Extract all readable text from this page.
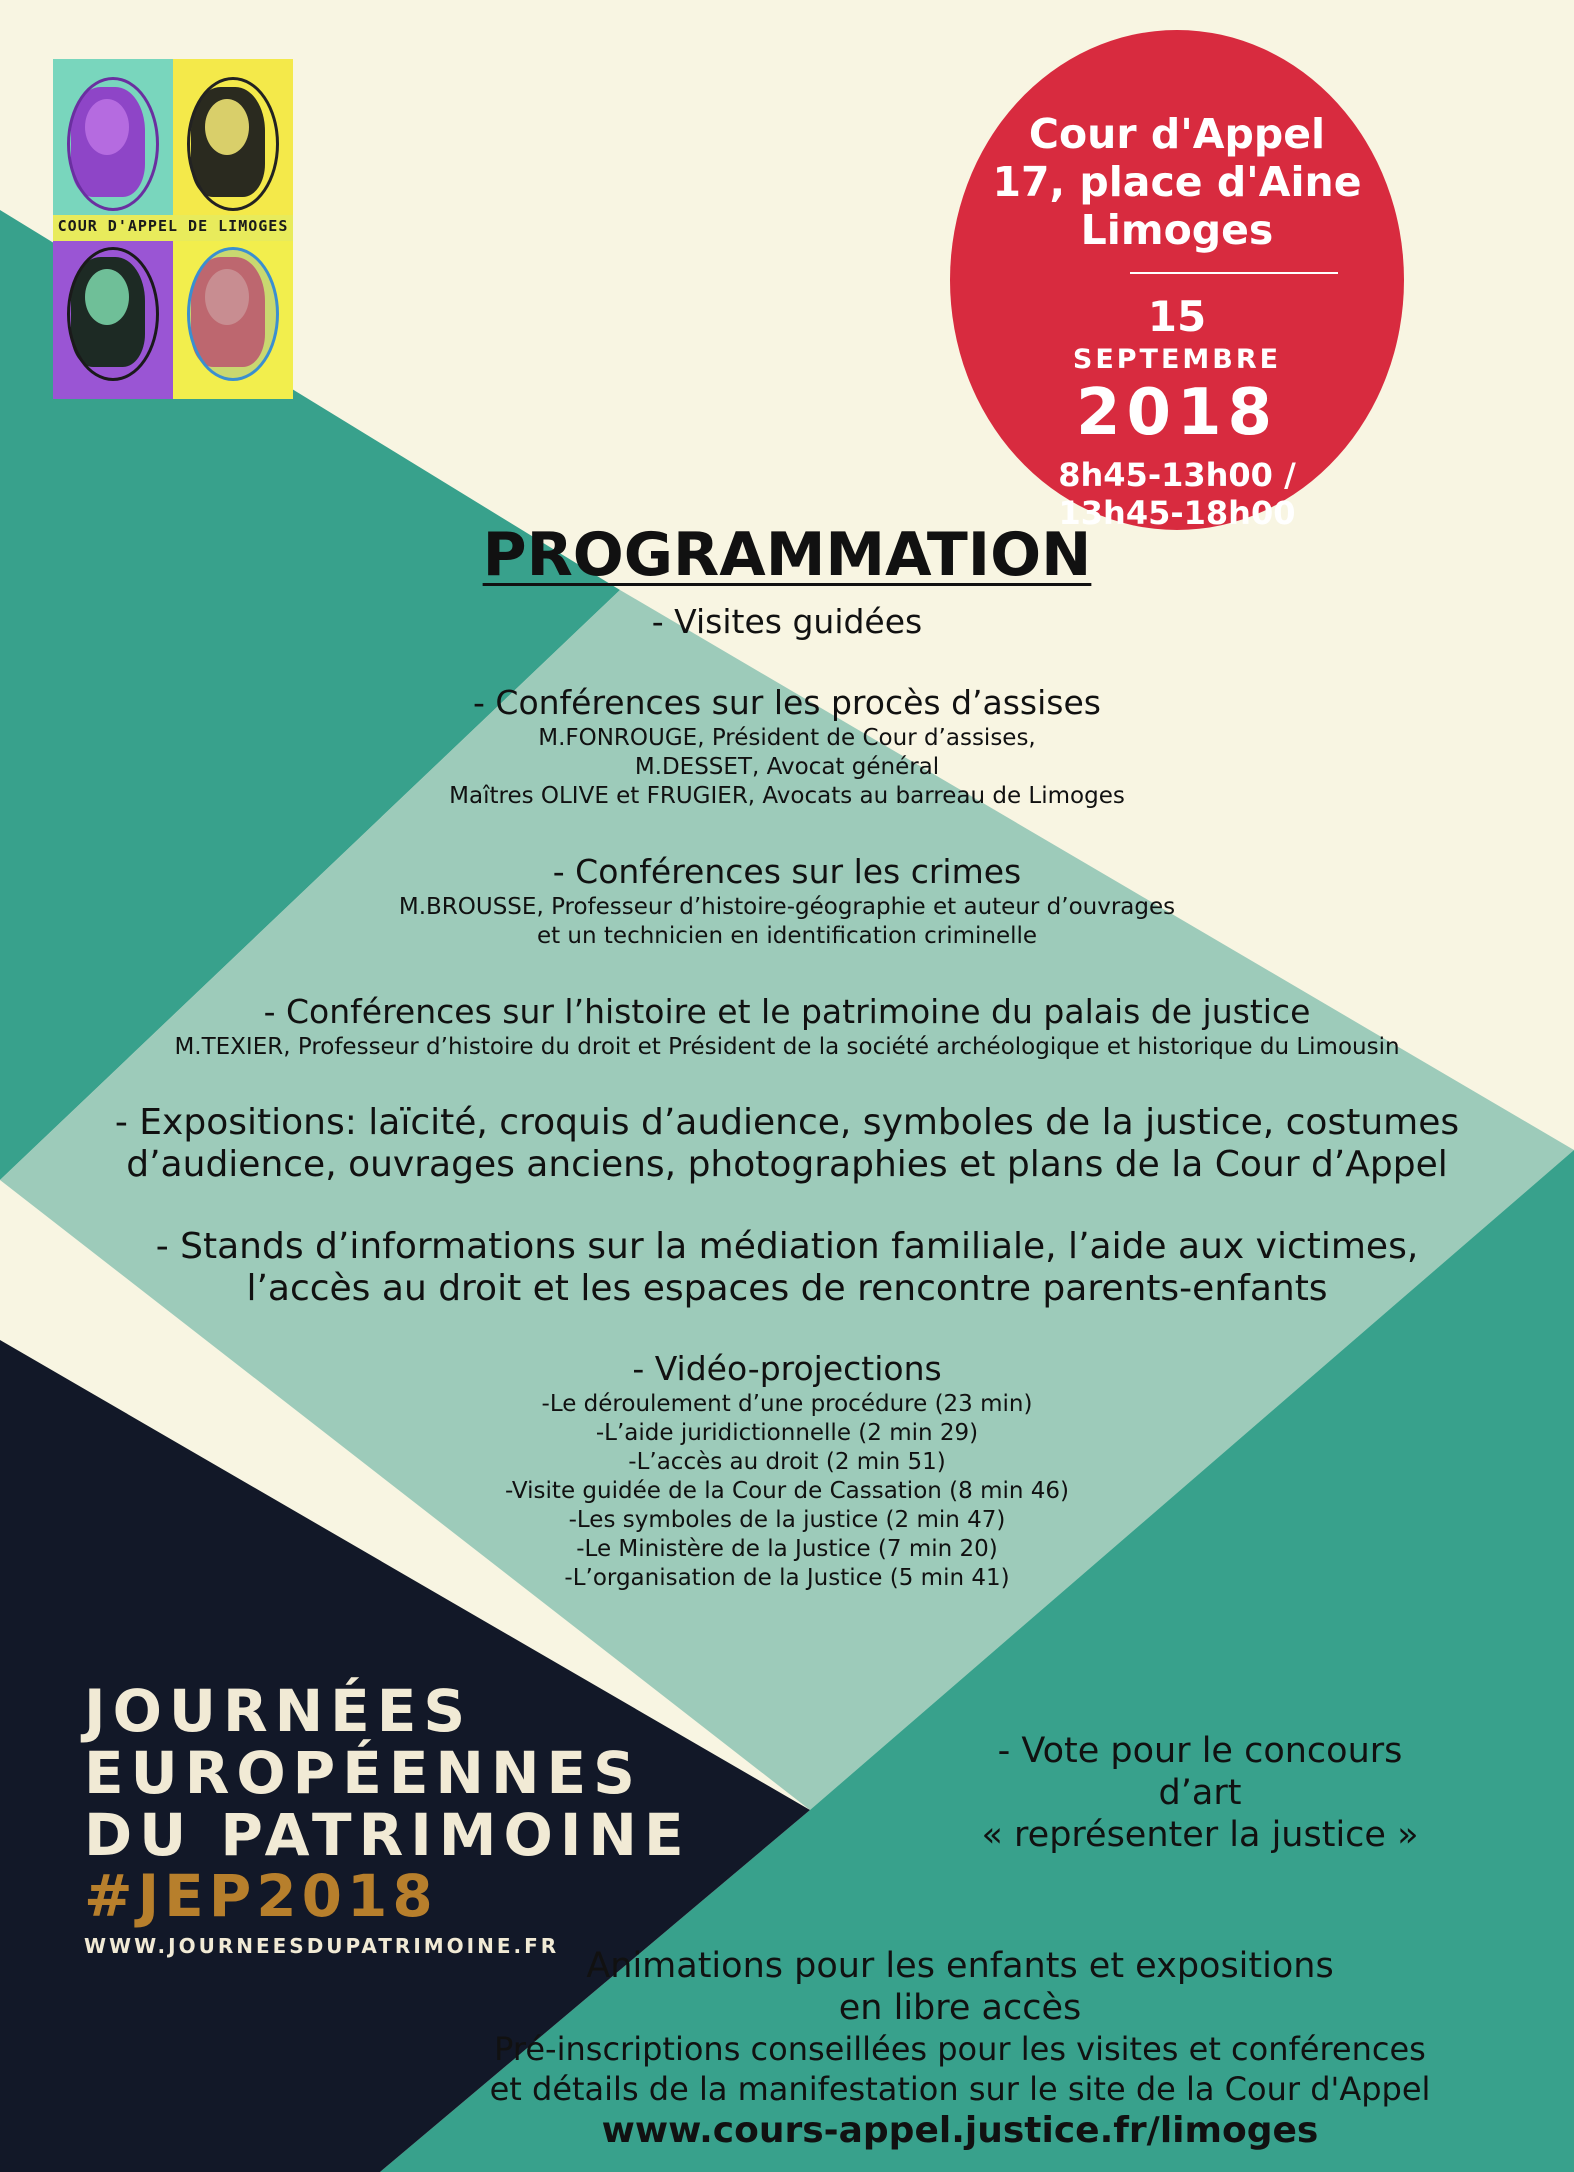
COUR D'APPEL DE LIMOGES
Cour d'Appel
17, place d'Aine
Limoges
15
SEPTEMBRE
2018
8h45-13h00 /
13h45-18h00
PROGRAMMATION
- Visites guidées
- Conférences sur les procès d’assises
M.FONROUGE, Président de Cour d’assises,
M.DESSET, Avocat général
Maîtres OLIVE et FRUGIER, Avocats au barreau de Limoges
- Conférences sur les crimes
M.BROUSSE, Professeur d’histoire-géographie et auteur d’ouvrages
et un technicien en identification criminelle
- Conférences sur l’histoire et le patrimoine du palais de justice
M.TEXIER, Professeur d’histoire du droit et Président de la société archéologique et historique du Limousin
- Expositions: laïcité, croquis d’audience, symboles de la justice, costumes
d’audience, ouvrages anciens, photographies et plans de la Cour d’Appel
- Stands d’informations sur la médiation familiale, l’aide aux victimes,
l’accès au droit et les espaces de rencontre parents-enfants
- Vidéo-projections
-Le déroulement d’une procédure (23 min)
-L’aide juridictionnelle (2 min 29)
-L’accès au droit (2 min 51)
-Visite guidée de la Cour de Cassation (8 min 46)
-Les symboles de la justice (2 min 47)
-Le Ministère de la Justice (7 min 20)
-L’organisation de la Justice (5 min 41)
JOURNÉES
EUROPÉENNES
DU PATRIMOINE
#JEP2018
WWW.JOURNEESDUPATRIMOINE.FR
- Vote pour le concours
d’art
« représenter la justice »
Animations pour les enfants et expositions
en libre accès
Pré-inscriptions conseillées pour les visites et conférences
et détails de la manifestation sur le site de la Cour d'Appel
www.cours-appel.justice.fr/limoges
